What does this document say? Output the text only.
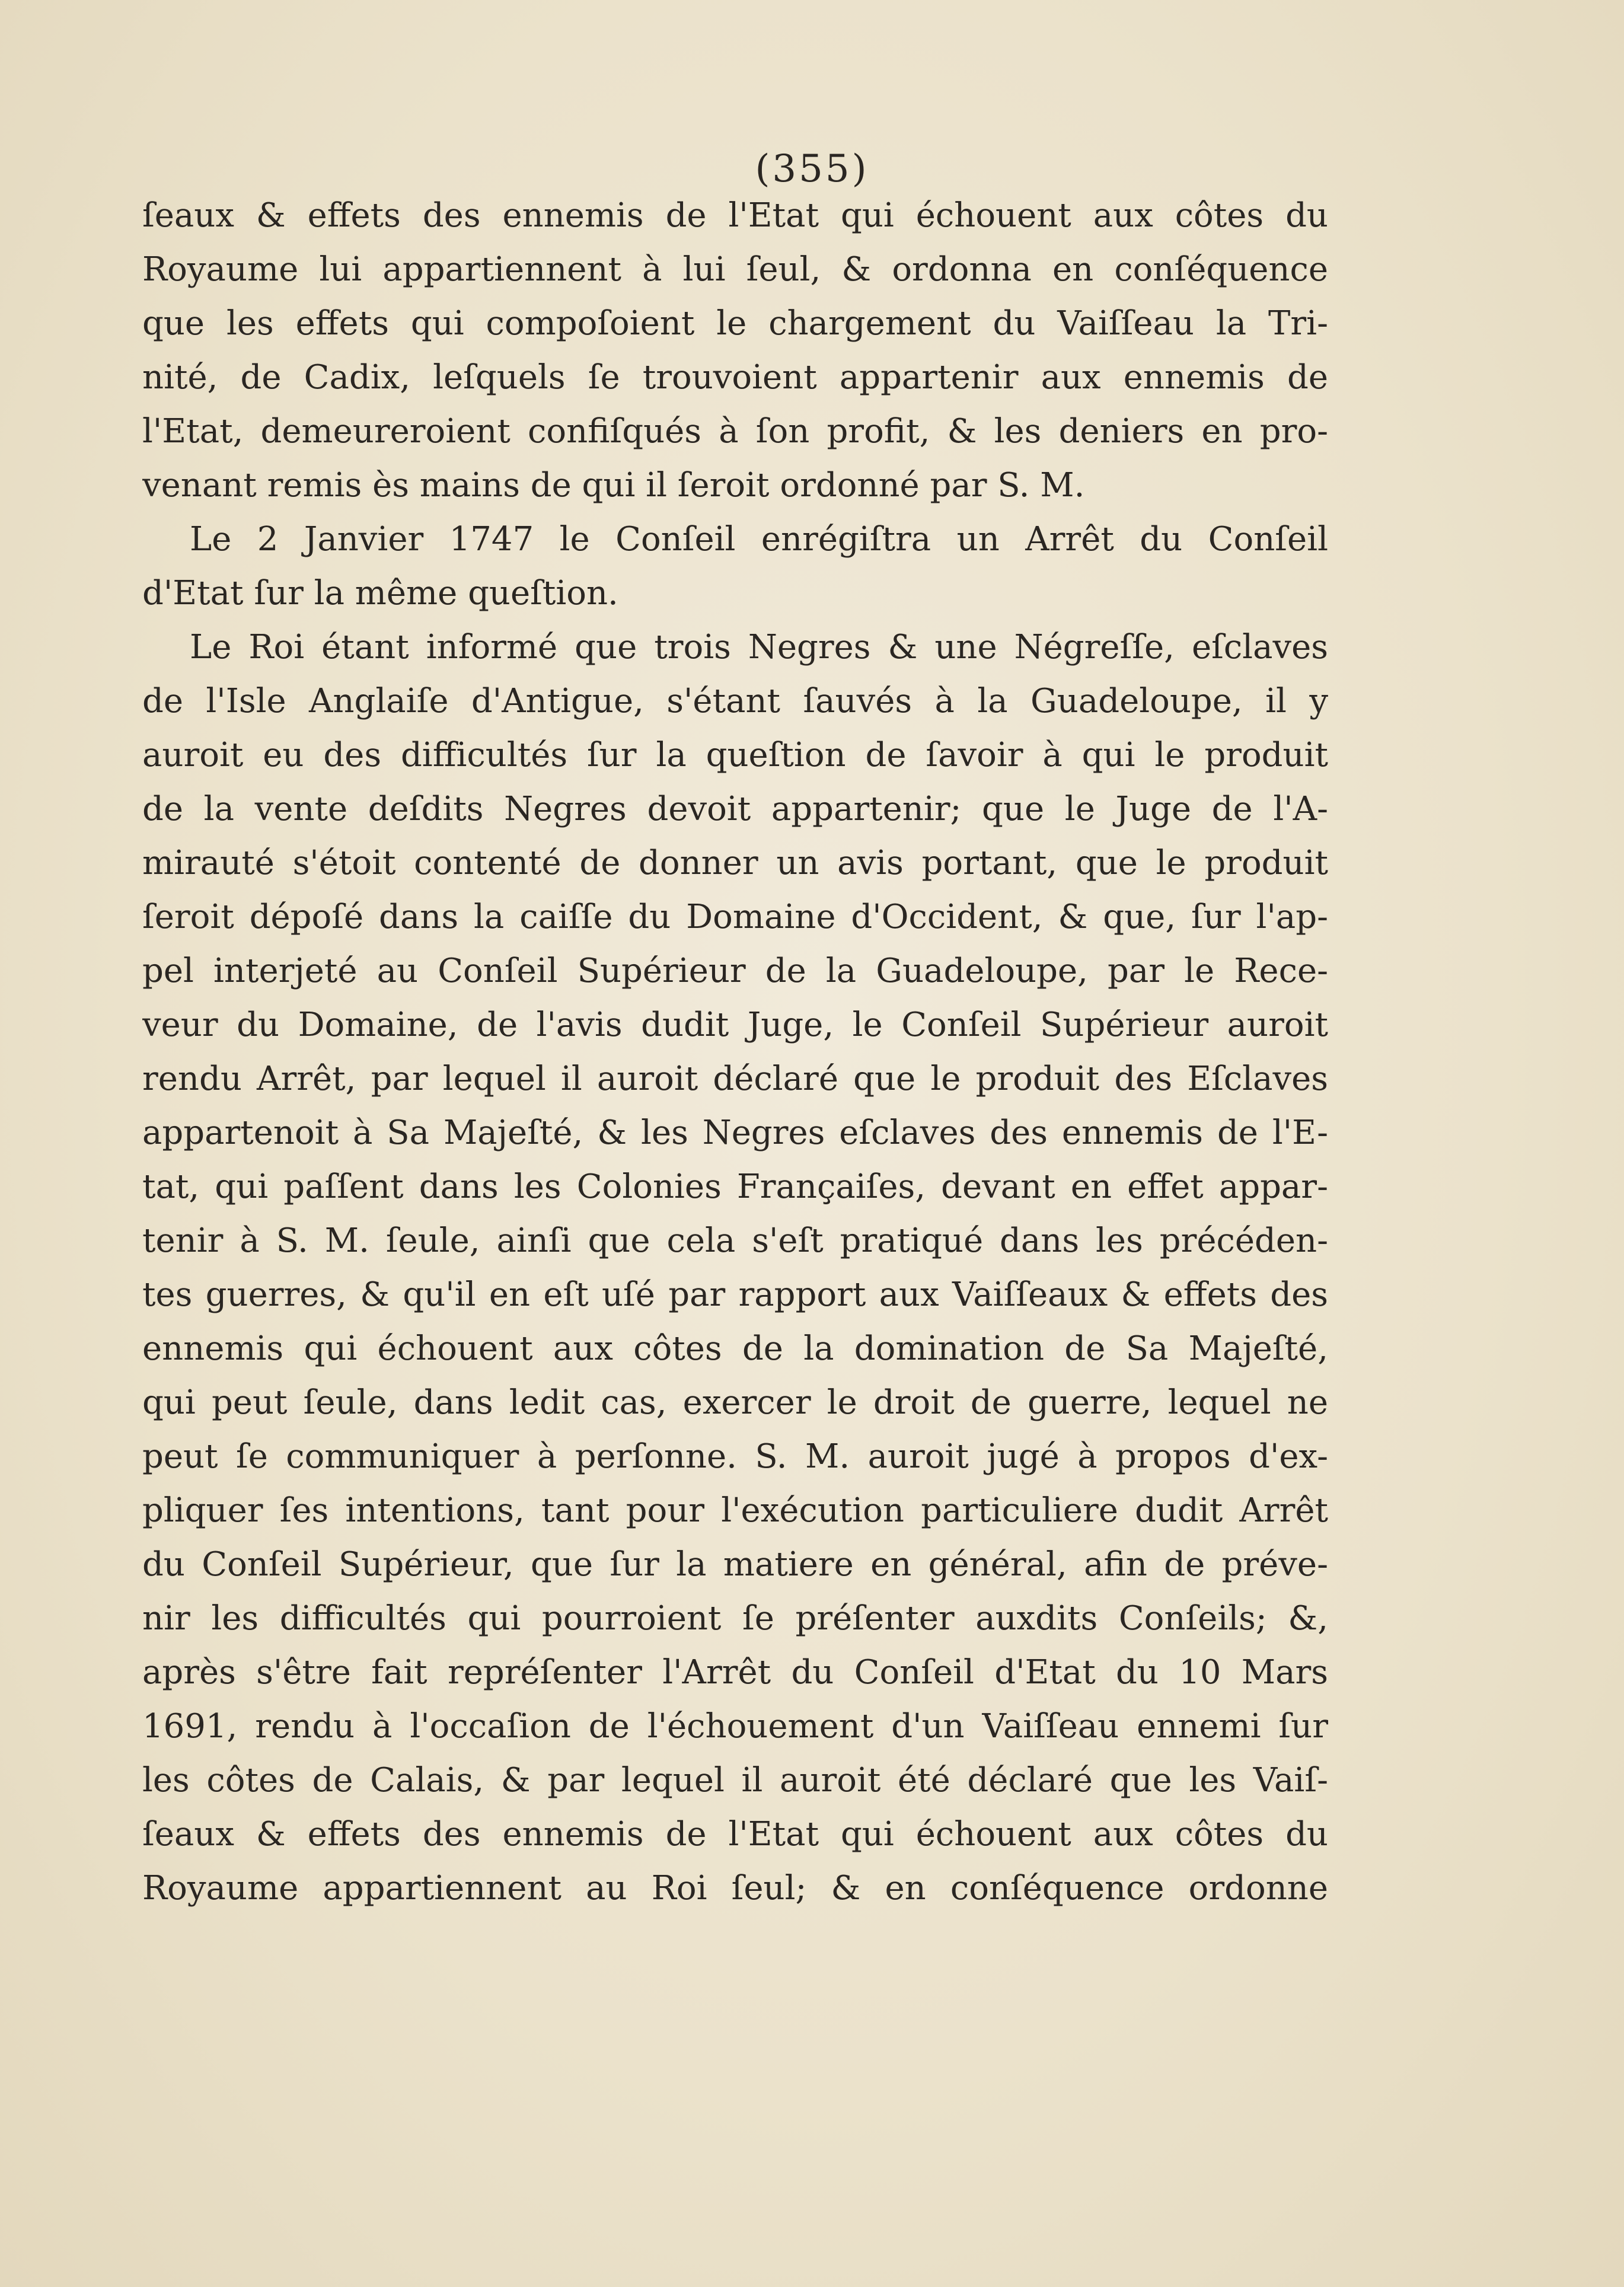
(355)
ſeaux & effets des ennemis de l'Etat qui échouent aux côtes du
Royaume lui appartiennent à lui ſeul, & ordonna en conſéquence
que les effets qui compoſoient le chargement du Vaiſſeau la Tri-
nité, de Cadix, leſquels ſe trouvoient appartenir aux ennemis de
l'Etat, demeureroient confiſqués à ſon profit, & les deniers en pro-
venant remis ès mains de qui il ſeroit ordonné par S. M.
Le 2 Janvier 1747 le Conſeil enrégiſtra un Arrêt du Conſeil
d'Etat ſur la même queſtion.
Le Roi étant informé que trois Negres & une Négreſſe, eſclaves
de l'Isle Anglaiſe d'Antigue, s'étant ſauvés à la Guadeloupe, il y
auroit eu des difficultés ſur la queſtion de ſavoir à qui le produit
de la vente deſdits Negres devoit appartenir; que le Juge de l'A-
mirauté s'étoit contenté de donner un avis portant, que le produit
ſeroit dépoſé dans la caiſſe du Domaine d'Occident, & que, ſur l'ap-
pel interjeté au Conſeil Supérieur de la Guadeloupe, par le Rece-
veur du Domaine, de l'avis dudit Juge, le Conſeil Supérieur auroit
rendu Arrêt, par lequel il auroit déclaré que le produit des Eſclaves
appartenoit à Sa Majeſté, & les Negres eſclaves des ennemis de l'E-
tat, qui paſſent dans les Colonies Françaiſes, devant en effet appar-
tenir à S. M. ſeule, ainſi que cela s'eſt pratiqué dans les précéden-
tes guerres, & qu'il en eſt uſé par rapport aux Vaiſſeaux & effets des
ennemis qui échouent aux côtes de la domination de Sa Majeſté,
qui peut ſeule, dans ledit cas, exercer le droit de guerre, lequel ne
peut ſe communiquer à perſonne. S. M. auroit jugé à propos d'ex-
pliquer ſes intentions, tant pour l'exécution particuliere dudit Arrêt
du Conſeil Supérieur, que ſur la matiere en général, afin de préve-
nir les difficultés qui pourroient ſe préſenter auxdits Conſeils; &,
après s'être fait repréſenter l'Arrêt du Conſeil d'Etat du 10 Mars
1691, rendu à l'occaſion de l'échouement d'un Vaiſſeau ennemi ſur
les côtes de Calais, & par lequel il auroit été déclaré que les Vaiſ-
ſeaux & effets des ennemis de l'Etat qui échouent aux côtes du
Royaume appartiennent au Roi ſeul; & en conſéquence ordonne
